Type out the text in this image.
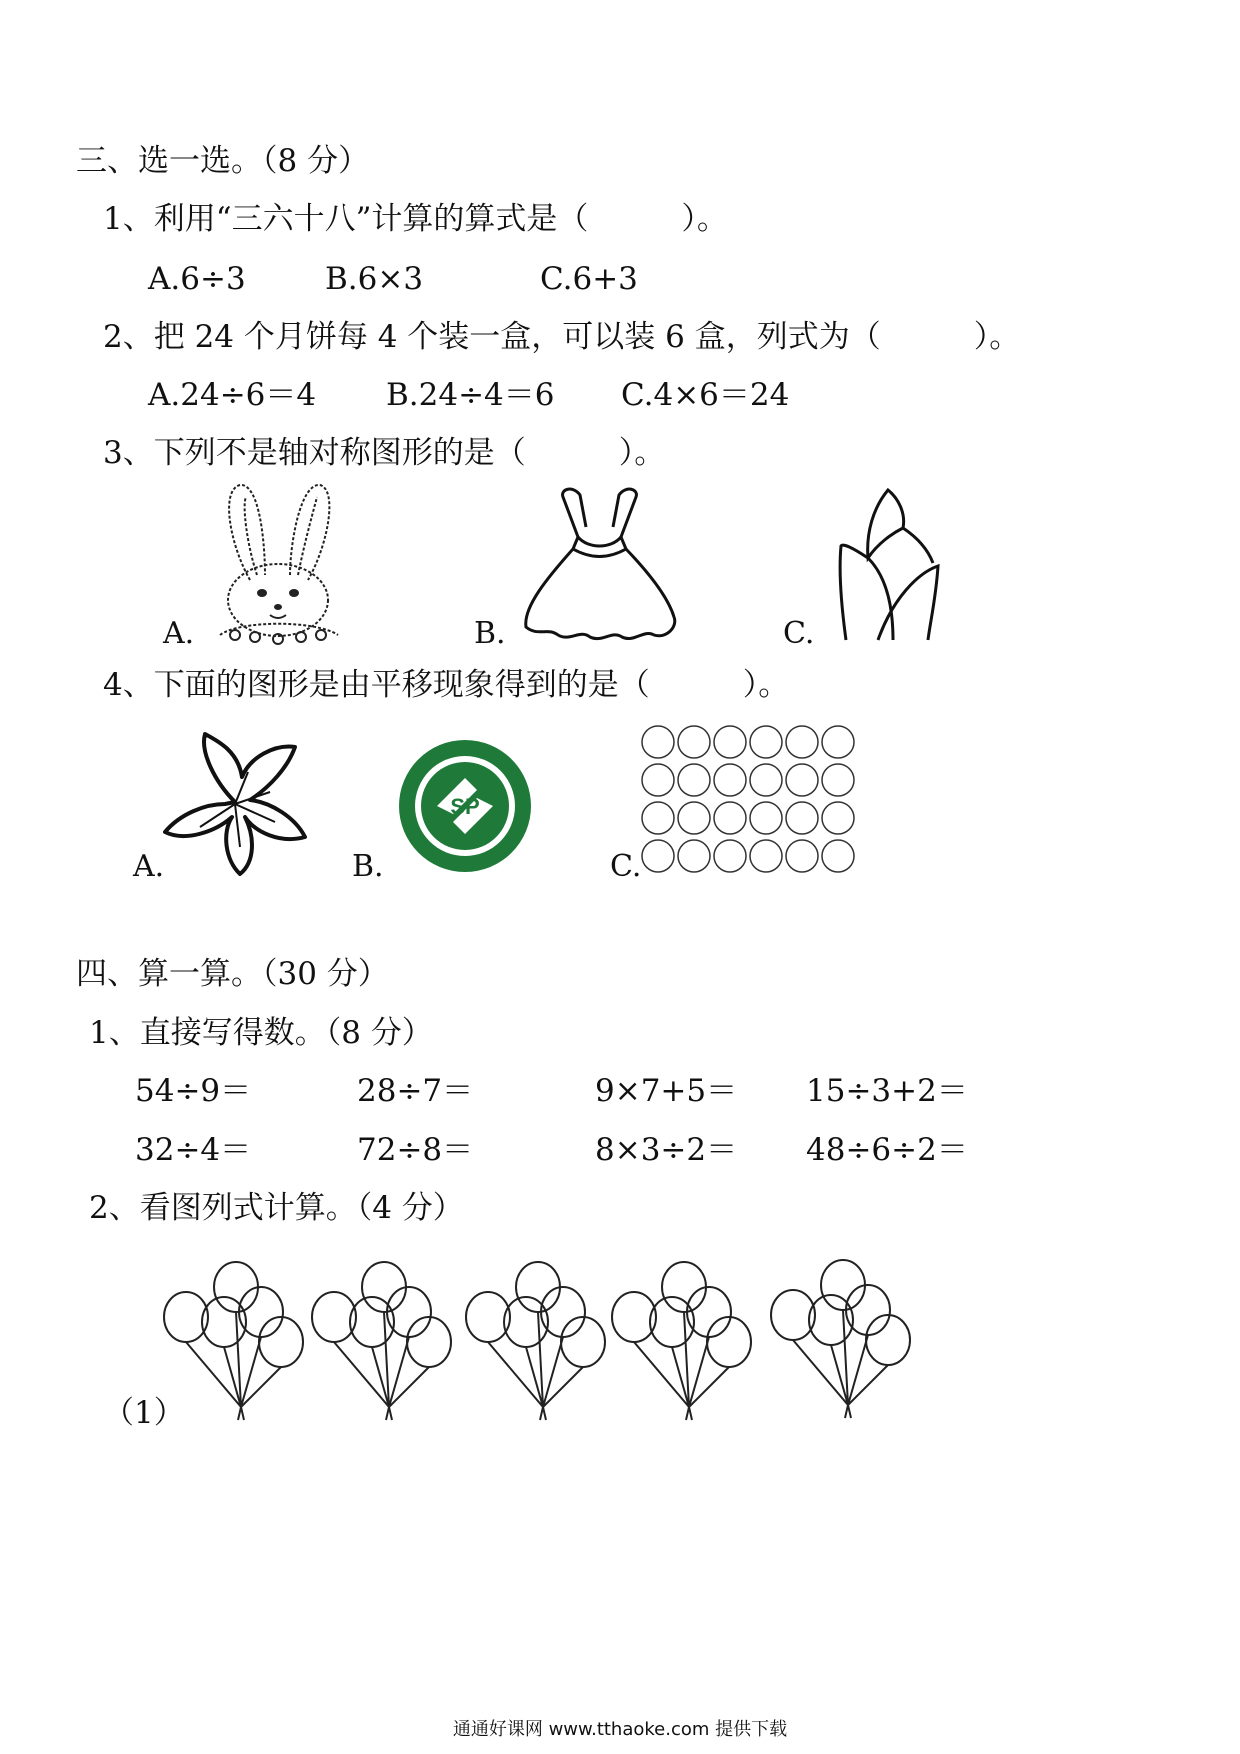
三、选一选。（8 分）
1、利用“三六十八”计算的算式是（　　　）。
A.6÷3	B.6×3	C.6+3
2、把 24 个月饼每 4 个装一盒，可以装 6 盒，列式为（　　　）。
A.24÷6＝4 B.24÷4＝6 C.4×6＝24
3、下列不是轴对称图形的是（　　　）。
A.	B.	C.
4、下面的图形是由平移现象得到的是（　　　）。
A.	B.
SP
C.
四、算一算。（30 分）
1、直接写得数。（8 分）
54÷9＝	28÷7＝	9×7+5＝ 15÷3+2＝
32÷4＝	72÷8＝	8×3÷2＝ 48÷6÷2＝
2、看图列式计算。（4 分）
（1）
通通好课网 www.tthaoke.com 提供下载
